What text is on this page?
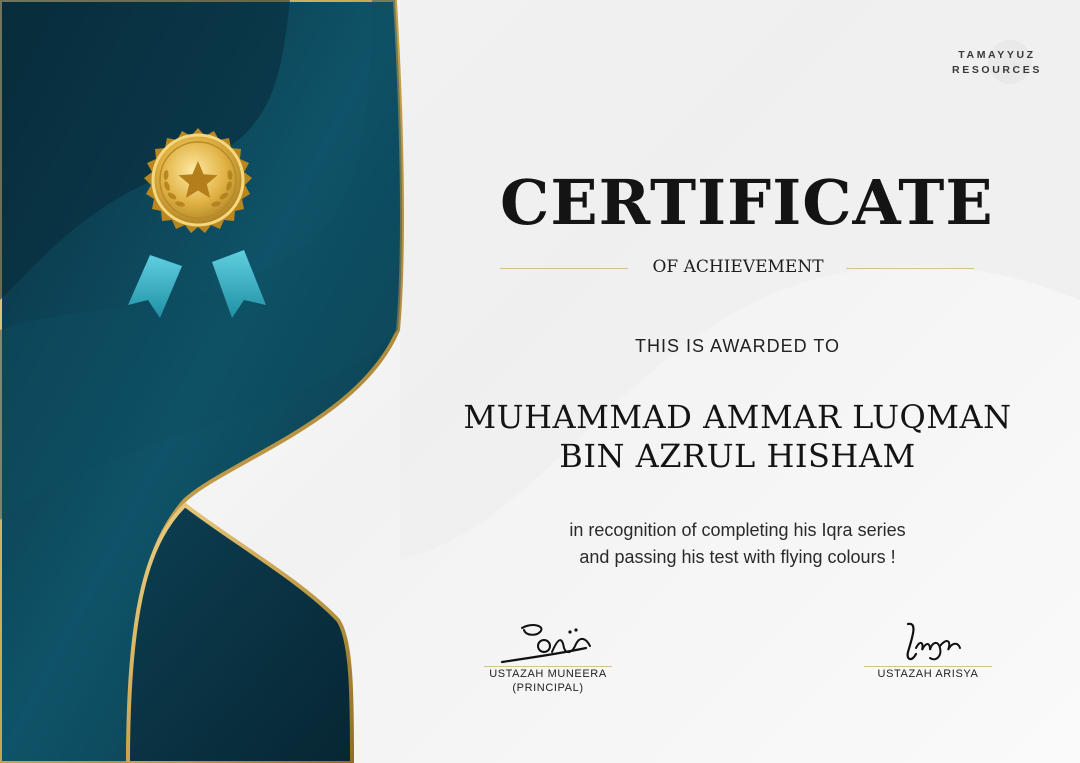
TAMAYYUZ
RESOURCES
CERTIFICATE
OF ACHIEVEMENT
THIS IS AWARDED TO
MUHAMMAD AMMAR LUQMAN
BIN AZRUL HISHAM
in recognition of completing his Iqra series
and passing his test with flying colours !
USTAZAH MUNEERA
(PRINCIPAL)
USTAZAH ARISYA
